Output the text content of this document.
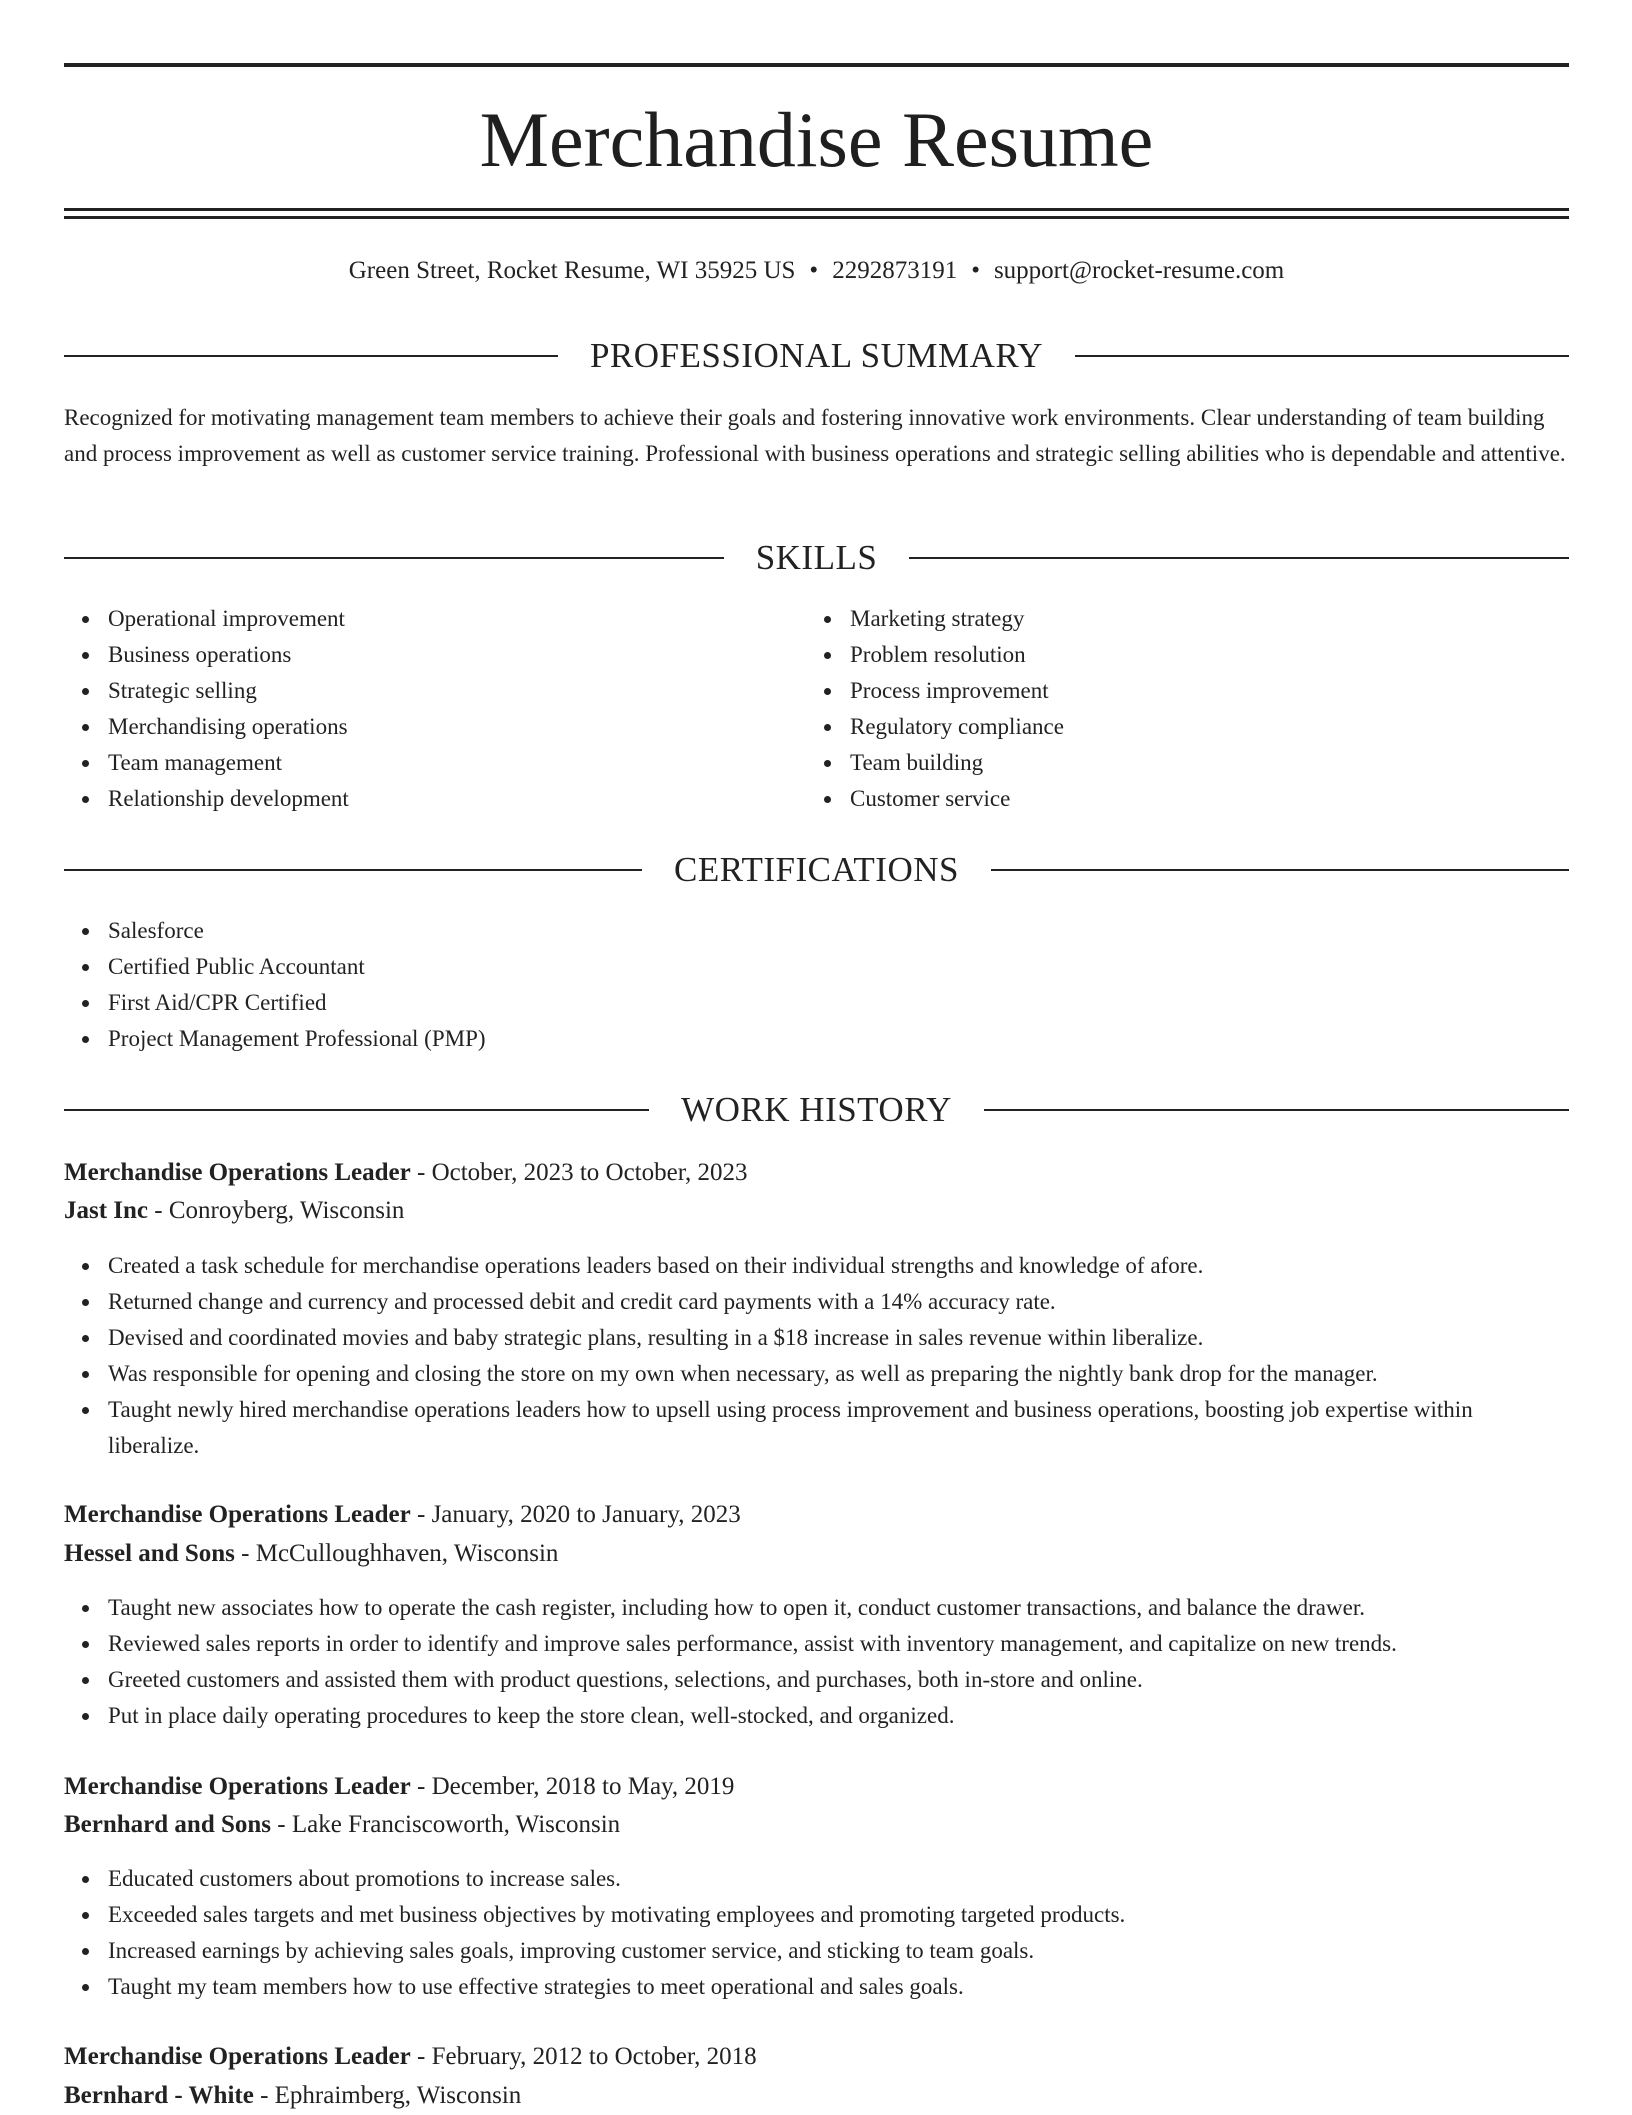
Merchandise Resume
Green Street, Rocket Resume, WI 35925 US • 2292873191 • support@rocket-resume.com
PROFESSIONAL SUMMARY

Recognized for motivating management team members to achieve their goals and fostering innovative work environments. Clear understanding of team building and process improvement as well as customer service training. Professional with business operations and strategic selling abilities who is dependable and attentive.

SKILLS
Operational improvement
Business operations
Strategic selling
Merchandising operations
Team management
Relationship development
Marketing strategy
Problem resolution
Process improvement
Regulatory compliance
Team building
Customer service
CERTIFICATIONS
Salesforce
Certified Public Accountant
First Aid/CPR Certified
Project Management Professional (PMP)
WORK HISTORY
Merchandise Operations Leader - October, 2023 to October, 2023
Jast Inc - Conroyberg, Wisconsin
Created a task schedule for merchandise operations leaders based on their individual strengths and knowledge of afore.
Returned change and currency and processed debit and credit card payments with a 14% accuracy rate.
Devised and coordinated movies and baby strategic plans, resulting in a $18 increase in sales revenue within liberalize.
Was responsible for opening and closing the store on my own when necessary, as well as preparing the nightly bank drop for the manager.
Taught newly hired merchandise operations leaders how to upsell using process improvement and business operations, boosting job expertise within liberalize.
Merchandise Operations Leader - January, 2020 to January, 2023
Hessel and Sons - McCulloughhaven, Wisconsin
Taught new associates how to operate the cash register, including how to open it, conduct customer transactions, and balance the drawer.
Reviewed sales reports in order to identify and improve sales performance, assist with inventory management, and capitalize on new trends.
Greeted customers and assisted them with product questions, selections, and purchases, both in-store and online.
Put in place daily operating procedures to keep the store clean, well-stocked, and organized.
Merchandise Operations Leader - December, 2018 to May, 2019
Bernhard and Sons - Lake Franciscoworth, Wisconsin
Educated customers about promotions to increase sales.
Exceeded sales targets and met business objectives by motivating employees and promoting targeted products.
Increased earnings by achieving sales goals, improving customer service, and sticking to team goals.
Taught my team members how to use effective strategies to meet operational and sales goals.
Merchandise Operations Leader - February, 2012 to October, 2018
Bernhard - White - Ephraimberg, Wisconsin
